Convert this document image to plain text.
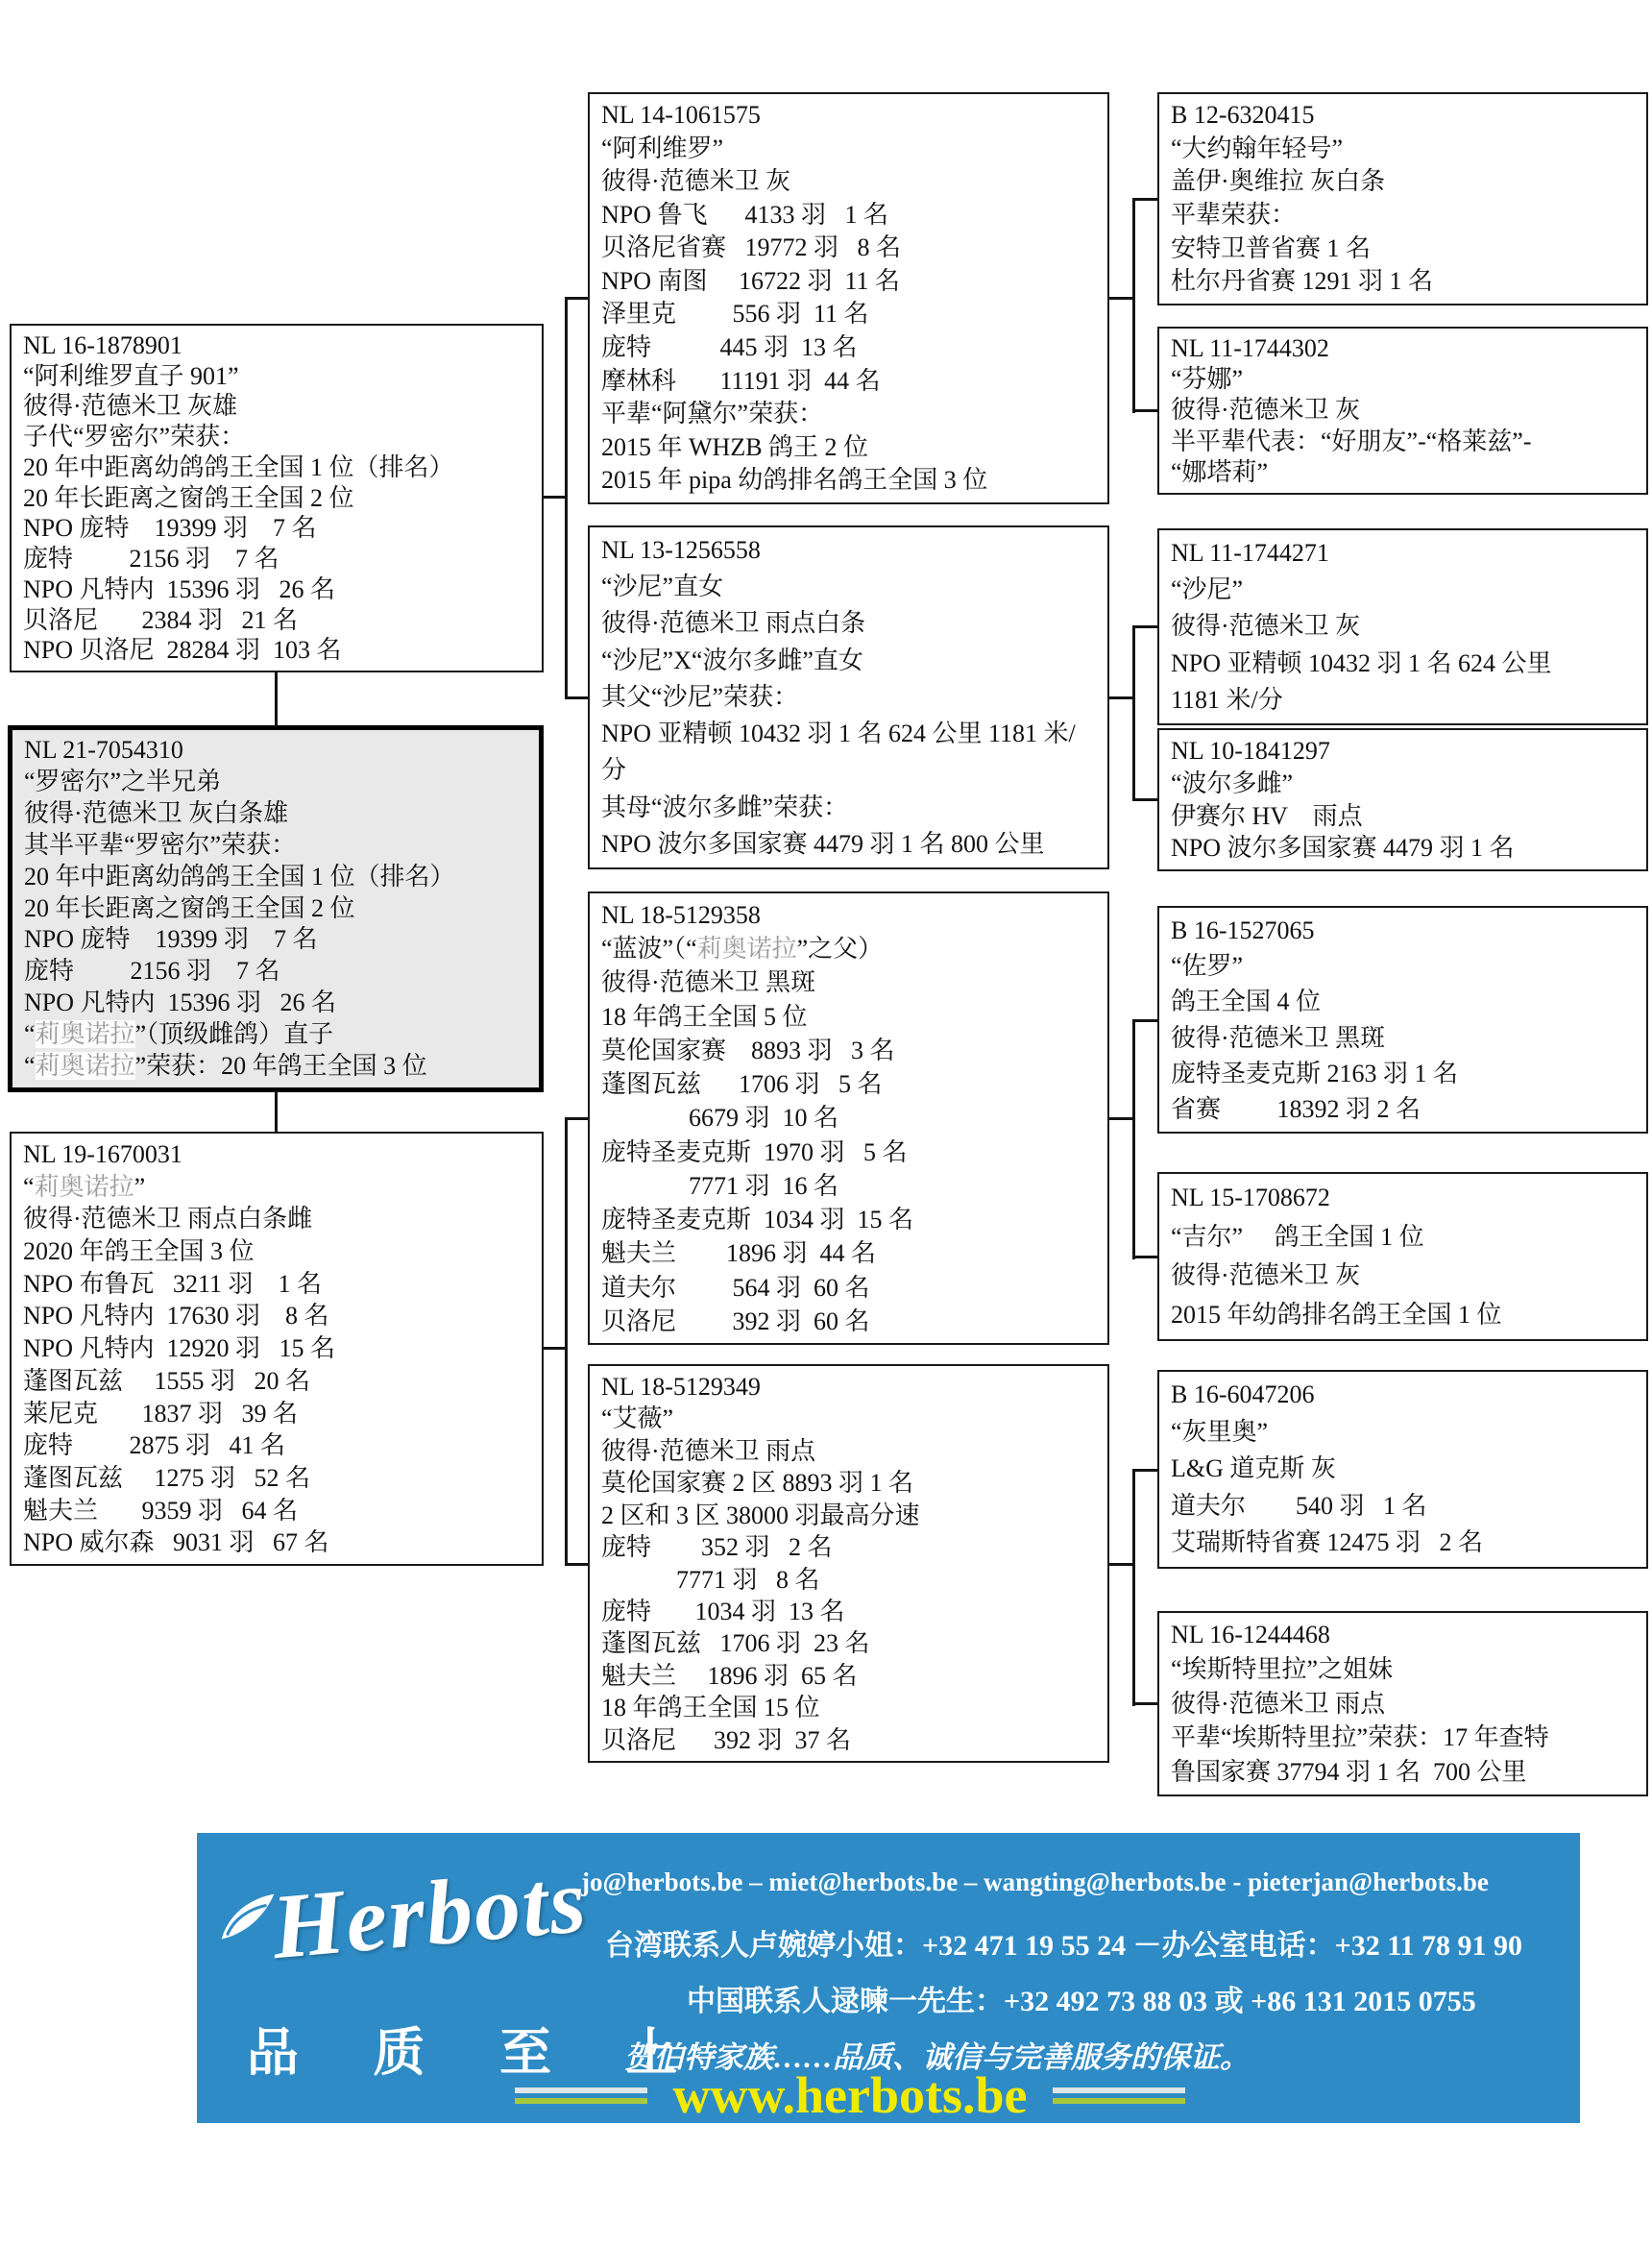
NL 16-1878901
“阿利维罗直子 901”
彼得·范德米卫 灰雄
子代“罗密尔”荣获：
20 年中距离幼鸽鸽王全国 1 位（排名）
20 年长距离之窗鸽王全国 2 位
NPO 庞特    19399 羽    7 名
庞特         2156 羽    7 名
NPO 凡特内  15396 羽   26 名
贝洛尼       2384 羽   21 名
NPO 贝洛尼  28284 羽  103 名
NL 21-7054310
“罗密尔”之半兄弟
彼得·范德米卫 灰白条雄
其半平辈“罗密尔”荣获：
20 年中距离幼鸽鸽王全国 1 位（排名）
20 年长距离之窗鸽王全国 2 位
NPO 庞特    19399 羽    7 名
庞特         2156 羽    7 名
NPO 凡特内  15396 羽   26 名
“莉奥诺拉”（顶级雌鸽）直子
“莉奥诺拉”荣获：20 年鸽王全国 3 位
NL 19-1670031
“莉奥诺拉”
彼得·范德米卫 雨点白条雌
2020 年鸽王全国 3 位
NPO 布鲁瓦   3211 羽    1 名
NPO 凡特内  17630 羽    8 名
NPO 凡特内  12920 羽   15 名
蓬图瓦兹     1555 羽   20 名
莱尼克       1837 羽   39 名
庞特         2875 羽   41 名
蓬图瓦兹     1275 羽   52 名
魁夫兰       9359 羽   64 名
NPO 威尔森   9031 羽   67 名
NL 14-1061575
“阿利维罗”
彼得·范德米卫 灰
NPO 鲁飞      4133 羽   1 名
贝洛尼省赛   19772 羽   8 名
NPO 南图     16722 羽  11 名
泽里克         556 羽  11 名
庞特           445 羽  13 名
摩林科       11191 羽  44 名
平辈“阿黛尔”荣获：
2015 年 WHZB 鸽王 2 位
2015 年 pipa 幼鸽排名鸽王全国 3 位
NL 13-1256558
“沙尼”直女
彼得·范德米卫 雨点白条
“沙尼”X“波尔多雌”直女
其父“沙尼”荣获：
NPO 亚精顿 10432 羽 1 名 624 公里 1181 米/
分
其母“波尔多雌”荣获：
NPO 波尔多国家赛 4479 羽 1 名 800 公里
NL 18-5129358
“蓝波”（“莉奥诺拉”之父）
彼得·范德米卫 黑斑
18 年鸽王全国 5 位
莫伦国家赛    8893 羽   3 名
蓬图瓦兹      1706 羽   5 名
6679 羽  10 名
庞特圣麦克斯  1970 羽   5 名
7771 羽  16 名
庞特圣麦克斯  1034 羽  15 名
魁夫兰        1896 羽  44 名
道夫尔         564 羽  60 名
贝洛尼         392 羽  60 名
NL 18-5129349
“艾薇”
彼得·范德米卫 雨点
莫伦国家赛 2 区 8893 羽 1 名
2 区和 3 区 38000 羽最高分速
庞特        352 羽   2 名
7771 羽   8 名
庞特       1034 羽  13 名
蓬图瓦兹   1706 羽  23 名
魁夫兰     1896 羽  65 名
18 年鸽王全国 15 位
贝洛尼      392 羽  37 名
B 12-6320415
“大约翰年轻号”
盖伊·奥维拉 灰白条
平辈荣获：
安特卫普省赛 1 名
杜尔丹省赛 1291 羽 1 名
NL 11-1744302
“芬娜”
彼得·范德米卫 灰
半平辈代表：“好朋友”-“格莱兹”-
“娜塔莉”
NL 11-1744271
“沙尼”
彼得·范德米卫 灰
NPO 亚精顿 10432 羽 1 名 624 公里
1181 米/分
NL 10-1841297
“波尔多雌”
伊赛尔 HV　雨点
NPO 波尔多国家赛 4479 羽 1 名
B 16-1527065
“佐罗”
鸽王全国 4 位
彼得·范德米卫 黑斑
庞特圣麦克斯 2163 羽 1 名
省赛         18392 羽 2 名
NL 15-1708672
“吉尔”　 鸽王全国 1 位
彼得·范德米卫 灰
2015 年幼鸽排名鸽王全国 1 位
B 16-6047206
“灰里奥”
L&G 道克斯 灰
道夫尔        540 羽   1 名
艾瑞斯特省赛 12475 羽   2 名
NL 16-1244468
“埃斯特里拉”之姐妹
彼得·范德米卫 雨点
平辈“埃斯特里拉”荣获：17 年查特
鲁国家赛 37794 羽 1 名  700 公里
Herbots
品 质 至 上
jo@herbots.be – miet@herbots.be – wangting@herbots.be - pieterjan@herbots.be
台湾联系人卢婉婷小姐：+32 471 19 55 24 －办公室电话：+32 11 78 91 90
中国联系人逯暕一先生：+32 492 73 88 03 或 +86 131 2015 0755
贺伯特家族……品质、诚信与完善服务的保证。
www.herbots.be
